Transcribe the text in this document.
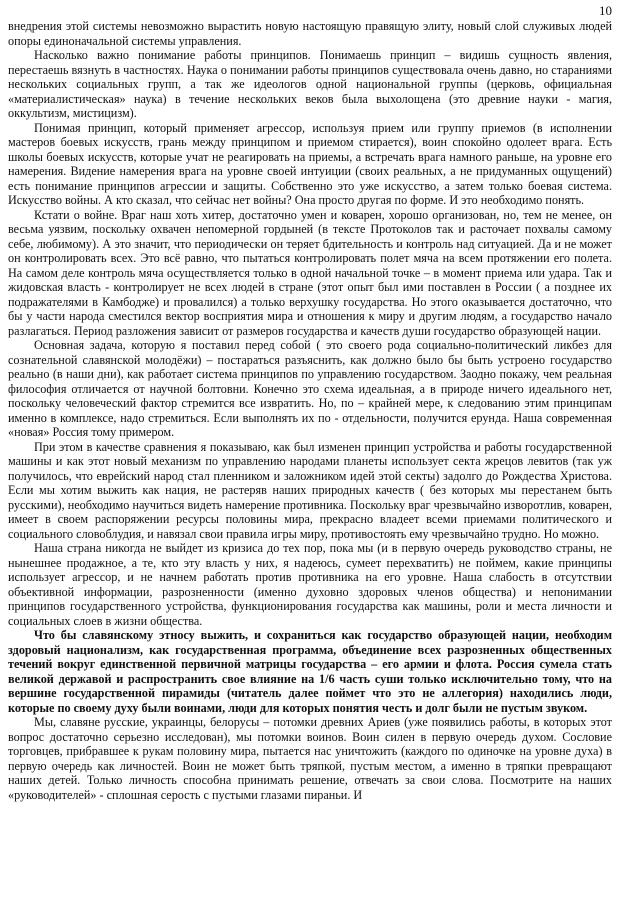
10

внедрения этой системы невозможно вырастить новую настоящую правящую элиту, новый слой служивых людей опоры единоначальной системы управления.

Насколько важно понимание работы принципов. Понимаешь принцип – видишь сущность явления, перестаешь вязнуть в частностях. Наука о понимании работы принципов существовала очень давно, но стараниями нескольких социальных групп, а так же идеологов одной национальной группы (церковь, официальная «материалистическая» наука) в течение нескольких веков была выхолощена (это древние науки - магия, оккультизм, мистицизм).

Понимая принцип, который применяет агрессор, используя прием или группу приемов (в исполнении мастеров боевых искусств, грань между принципом и приемом стирается), воин спокойно одолеет врага. Есть школы боевых искусств, которые учат не реагировать на приемы, а встречать врага намного раньше, на уровне его намерения. Видение намерения врага на уровне своей интуиции (своих реальных, а не придуманных ощущений) есть понимание принципов агрессии и защиты. Собственно это уже искусство, а затем только боевая система. Искусство войны. А кто сказал, что сейчас нет войны? Она просто другая по форме. И это необходимо понять.

Кстати о войне. Враг наш хоть хитер, достаточно умен и коварен, хорошо организован, но, тем не менее, он весьма уязвим, поскольку охвачен непомерной гордыней (в тексте Протоколов так и расточает похвалы самому себе, любимому). А это значит, что периодически он теряет бдительность и контроль над ситуацией. Да и не может он контролировать всех. Это всё равно, что пытаться контролировать полет мяча на всем протяжении его полета. На самом деле контроль мяча осуществляется только в одной начальной точке – в момент приема или удара. Так и жидовская власть - контролирует не всех людей в стране (этот опыт был ими поставлен в России ( а позднее их подражателями в Камбодже) и провалился) а только верхушку государства. Но этого оказывается достаточно, что бы у части народа сместился вектор восприятия мира и отношения к миру и другим людям, а государство начало разлагаться. Период разложения зависит от размеров государства и качеств души государство образующей нации.

Основная задача, которую я поставил перед собой ( это своего рода социально-политический ликбез для сознательной славянской молодёжи) – постараться разъяснить, как должно было бы быть устроено государство реально (в наши дни), как работает система принципов по управлению государством. Заодно покажу, чем реальная философия отличается от научной болтовни. Конечно это схема идеальная, а в природе ничего идеального нет, поскольку человеческий фактор стремится все извратить. Но, по – крайней мере, к следованию этим принципам именно в комплексе, надо стремиться. Если выполнять их по - отдельности, получится ерунда. Наша современная «новая» Россия тому примером.

При этом в качестве сравнения я показываю, как был изменен принцип устройства и работы государственной машины и как этот новый механизм по управлению народами планеты использует секта жрецов левитов (так уж получилось, что еврейский народ стал пленником и заложником идей этой секты) задолго до Рождества Христова. Если мы хотим выжить как нация, не растеряв наших природных качеств ( без которых мы перестанем быть русскими), необходимо научиться видеть намерение противника. Поскольку враг чрезвычайно изворотлив, коварен, имеет в своем распоряжении ресурсы половины мира, прекрасно владеет всеми приемами политического и социального словоблудия, и навязал свои правила игры миру, противостоять ему чрезвычайно трудно. Но можно.

Наша страна никогда не выйдет из кризиса до тех пор, пока мы (и в первую очередь руководство страны, не нынешнее продажное, а те, кто эту власть у них, я надеюсь, сумеет перехватить) не поймем, какие принципы использует агрессор, и не начнем работать против противника на его уровне. Наша слабость в отсутствии объективной информации, разрозненности (именно духовно здоровых членов общества) и непонимании принципов государственного устройства, функционирования государства как машины, роли и места личности и социальных слоев в жизни общества.

Что бы славянскому этносу выжить, и сохраниться как государство образующей нации, необходим здоровый национализм, как государственная программа, объединение всех разрозненных общественных течений вокруг единственной первичной матрицы государства – его армии и флота. Россия сумела стать великой державой и распространить свое влияние на 1/6 часть суши только исключительно тому, что на вершине государственной пирамиды (читатель далее поймет что это не аллегория) находились люди, которые по своему духу были воинами, люди для которых понятия честь и долг были не пустым звуком.

Мы, славяне русские, украинцы, белорусы – потомки древних Ариев (уже появились работы, в которых этот вопрос достаточно серьезно исследован), мы потомки воинов. Воин силен в первую очередь духом. Сословие торговцев, прибравшее к рукам половину мира, пытается нас уничтожить (каждого по одиночке на уровне духа) в первую очередь как личностей. Воин не может быть тряпкой, пустым местом, а именно в тряпки превращают наших детей. Только личность способна принимать решение, отвечать за свои слова. Посмотрите на наших «руководителей» - сплошная серость с пустыми глазами пираньи. И
